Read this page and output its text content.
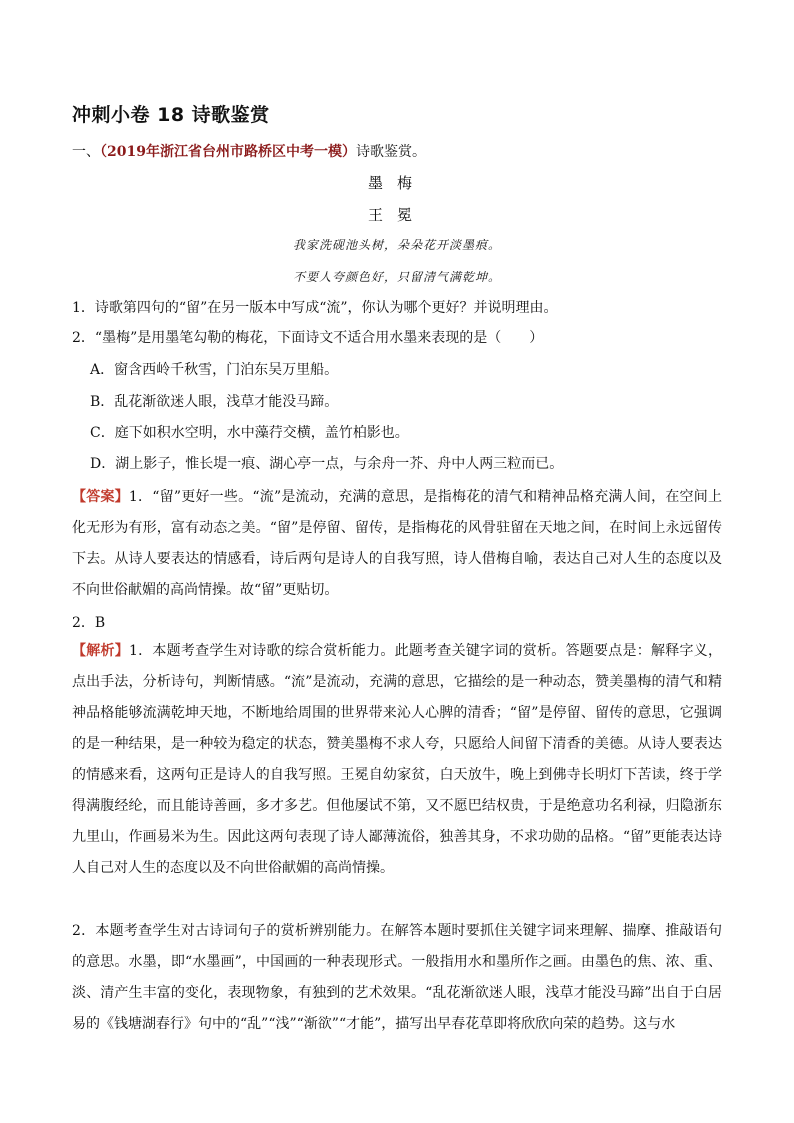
冲刺小卷 18 诗歌鉴赏
一、（2019年浙江省台州市路桥区中考一模）诗歌鉴赏。
墨梅
王冕
我家洗砚池头树，朵朵花开淡墨痕。
不要人夸颜色好，只留清气满乾坤。
1．诗歌第四句的“留”在另一版本中写成“流”，你认为哪个更好？并说明理由。
2．“墨梅”是用墨笔勾勒的梅花，下面诗文不适合用水墨来表现的是（　　）
A．窗含西岭千秋雪，门泊东吴万里船。
B．乱花渐欲迷人眼，浅草才能没马蹄。
C．庭下如积水空明，水中藻荇交横，盖竹柏影也。
D．湖上影子，惟长堤一痕、湖心亭一点，与余舟一芥、舟中人两三粒而已。

【答案】1．“留”更好一些。“流”是流动，充满的意思，是指梅花的清气和精神品格充满人间，在空间上化无形为有形，富有动态之美。“留”是停留、留传，是指梅花的风骨驻留在天地之间，在时间上永远留传下去。从诗人要表达的情感看，诗后两句是诗人的自我写照，诗人借梅自喻，表达自己对人生的态度以及不向世俗献媚的高尚情操。故“留”更贴切。

2．B

【解析】1．本题考查学生对诗歌的综合赏析能力。此题考查关键字词的赏析。答题要点是：解释字义，点出手法，分析诗句，判断情感。“流”是流动，充满的意思，它描绘的是一种动态，赞美墨梅的清气和精神品格能够流满乾坤天地，不断地给周围的世界带来沁人心脾的清香；“留”是停留、留传的意思，它强调的是一种结果，是一种较为稳定的状态，赞美墨梅不求人夸，只愿给人间留下清香的美德。从诗人要表达的情感来看，这两句正是诗人的自我写照。王冕自幼家贫，白天放牛，晚上到佛寺长明灯下苦读，终于学得满腹经纶，而且能诗善画，多才多艺。但他屡试不第，又不愿巴结权贵，于是绝意功名利禄，归隐浙东九里山，作画易米为生。因此这两句表现了诗人鄙薄流俗，独善其身，不求功勋的品格。“留”更能表达诗人自己对人生的态度以及不向世俗献媚的高尚情操。

2．本题考查学生对古诗词句子的赏析辨别能力。在解答本题时要抓住关键字词来理解、揣摩、推敲语句的意思。水墨，即“水墨画”，中国画的一种表现形式。一般指用水和墨所作之画。由墨色的焦、浓、重、淡、清产生丰富的变化，表现物象，有独到的艺术效果。“乱花渐欲迷人眼，浅草才能没马蹄”出自于白居易的《钱塘湖春行》句中的“乱”“浅”“渐欲”“才能”，描写出早春花草即将欣欣向荣的趋势。这与水
